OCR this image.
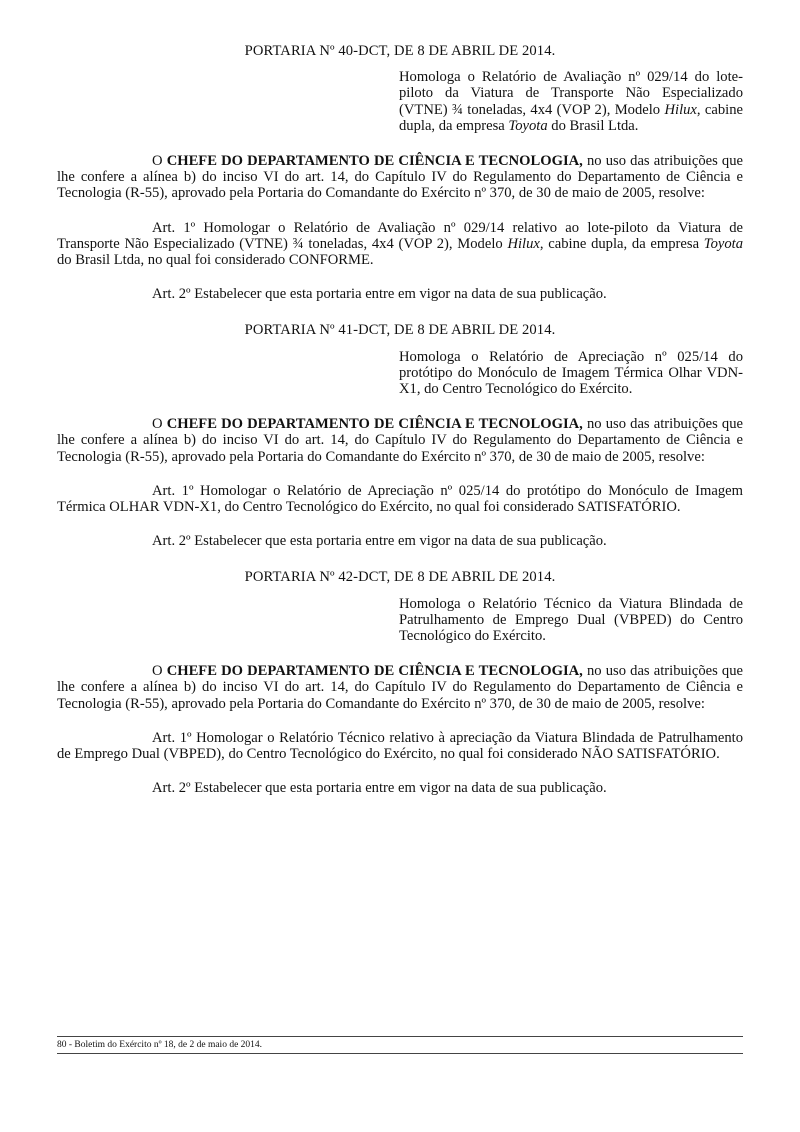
PORTARIA Nº 40-DCT, DE 8 DE ABRIL DE 2014.

Homologa o Relatório de Avaliação nº 029/14 do lote-piloto da Viatura de Transporte Não Especializado (VTNE) ¾ toneladas, 4x4 (VOP 2), Modelo Hilux, cabine dupla, da empresa Toyota do Brasil Ltda.

O CHEFE DO DEPARTAMENTO DE CIÊNCIA E TECNOLOGIA, no uso das atribuições que lhe confere a alínea b) do inciso VI do art. 14, do Capítulo IV do Regulamento do Departamento de Ciência e Tecnologia (R-55), aprovado pela Portaria do Comandante do Exército nº 370, de 30 de maio de 2005, resolve:

Art. 1º Homologar o Relatório de Avaliação nº 029/14 relativo ao lote-piloto da Viatura de Transporte Não Especializado (VTNE) ¾ toneladas, 4x4 (VOP 2), Modelo Hilux, cabine dupla, da empresa Toyota do Brasil Ltda, no qual foi considerado CONFORME.

Art. 2º Estabelecer que esta portaria entre em vigor na data de sua publicação.

PORTARIA Nº 41-DCT, DE 8 DE ABRIL DE 2014.

Homologa o Relatório de Apreciação nº 025/14 do protótipo do Monóculo de Imagem Térmica Olhar VDN-X1, do Centro Tecnológico do Exército.

O CHEFE DO DEPARTAMENTO DE CIÊNCIA E TECNOLOGIA, no uso das atribuições que lhe confere a alínea b) do inciso VI do art. 14, do Capítulo IV do Regulamento do Departamento de Ciência e Tecnologia (R-55), aprovado pela Portaria do Comandante do Exército nº 370, de 30 de maio de 2005, resolve:

Art. 1º Homologar o Relatório de Apreciação nº 025/14 do protótipo do Monóculo de Imagem Térmica OLHAR VDN-X1, do Centro Tecnológico do Exército, no qual foi considerado SATISFATÓRIO.

Art. 2º Estabelecer que esta portaria entre em vigor na data de sua publicação.

PORTARIA Nº 42-DCT, DE 8 DE ABRIL DE 2014.

Homologa o Relatório Técnico da Viatura Blindada de Patrulhamento de Emprego Dual (VBPED) do Centro Tecnológico do Exército.

O CHEFE DO DEPARTAMENTO DE CIÊNCIA E TECNOLOGIA, no uso das atribuições que lhe confere a alínea b) do inciso VI do art. 14, do Capítulo IV do Regulamento do Departamento de Ciência e Tecnologia (R-55), aprovado pela Portaria do Comandante do Exército nº 370, de 30 de maio de 2005, resolve:

Art. 1º Homologar o Relatório Técnico relativo à apreciação da Viatura Blindada de Patrulhamento de Emprego Dual (VBPED), do Centro Tecnológico do Exército, no qual foi considerado NÃO SATISFATÓRIO.

Art. 2º Estabelecer que esta portaria entre em vigor na data de sua publicação.

80 - Boletim do Exército nº 18, de 2 de maio de 2014.
